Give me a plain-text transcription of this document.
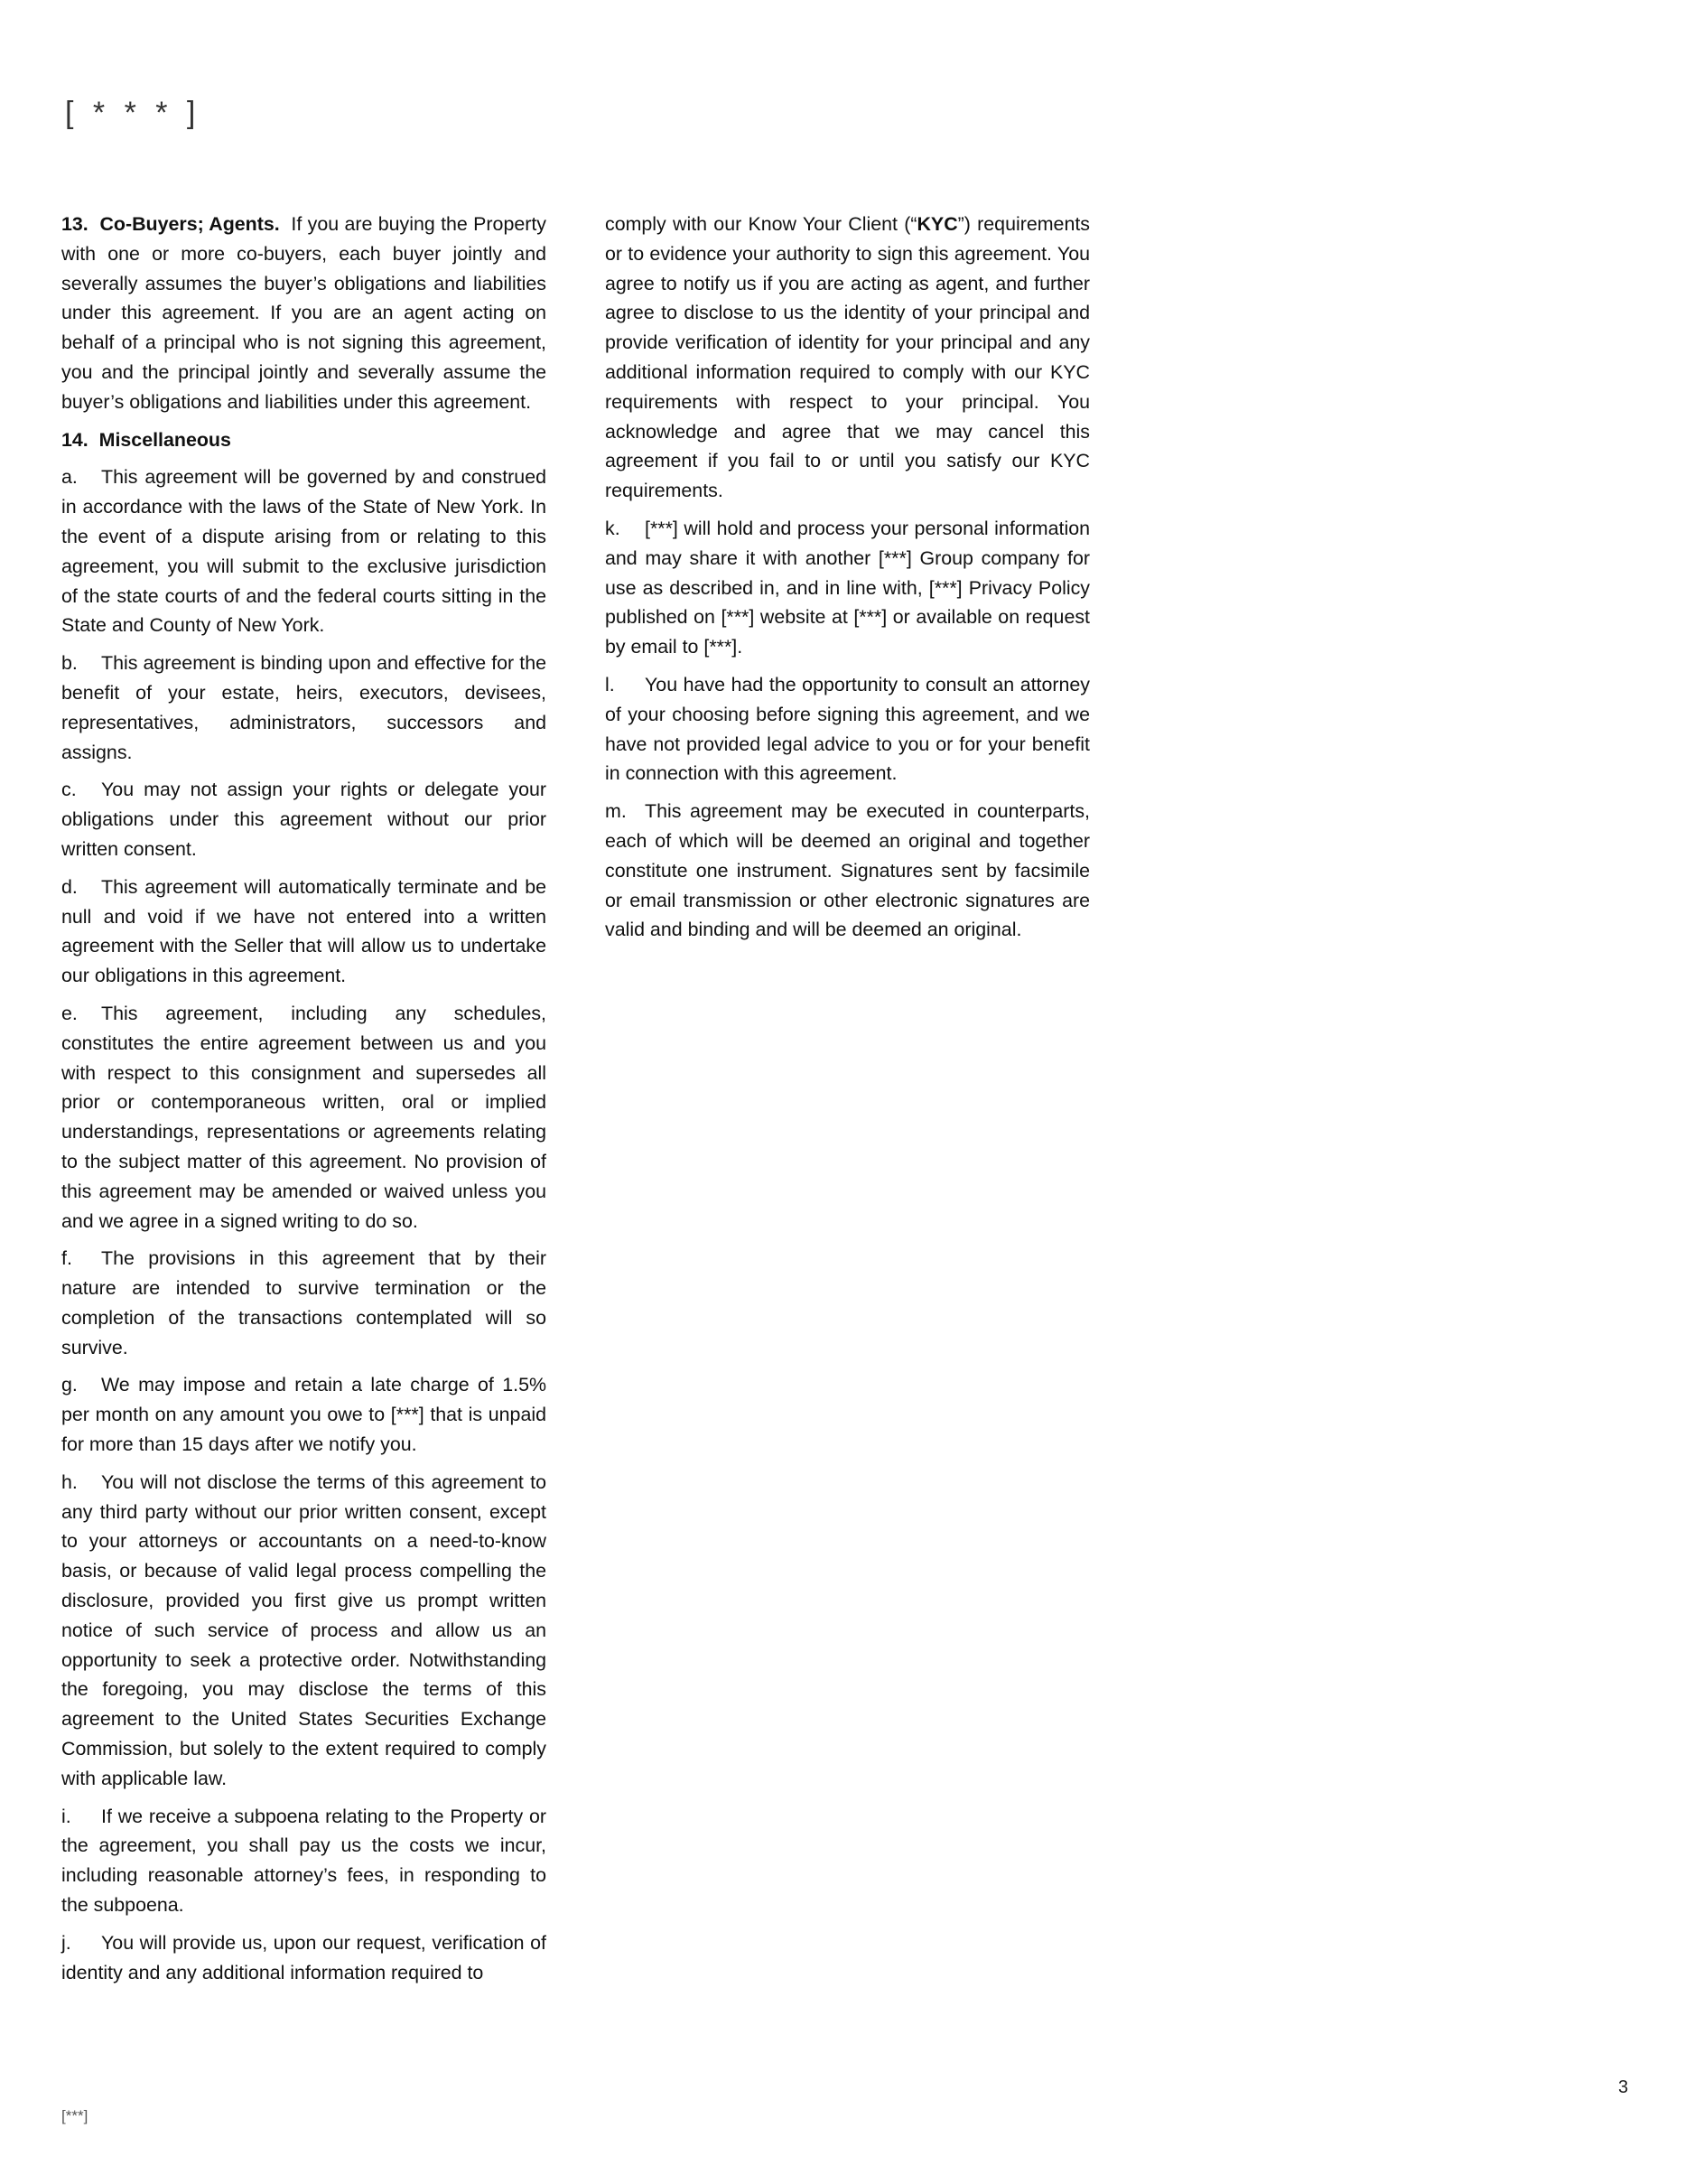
[ * * * ]

13. Co-Buyers; Agents. If you are buying the Property with one or more co-buyers, each buyer jointly and severally assumes the buyer’s obligations and liabilities under this agreement. If you are an agent acting on behalf of a principal who is not signing this agreement, you and the principal jointly and severally assume the buyer’s obligations and liabilities under this agreement.

14. Miscellaneous

a. This agreement will be governed by and construed in accordance with the laws of the State of New York. In the event of a dispute arising from or relating to this agreement, you will submit to the exclusive jurisdiction of the state courts of and the federal courts sitting in the State and County of New York.

b. This agreement is binding upon and effective for the benefit of your estate, heirs, executors, devisees, representatives, administrators, successors and assigns.

c. You may not assign your rights or delegate your obligations under this agreement without our prior written consent.

d. This agreement will automatically terminate and be null and void if we have not entered into a written agreement with the Seller that will allow us to undertake our obligations in this agreement.

e. This agreement, including any schedules, constitutes the entire agreement between us and you with respect to this consignment and supersedes all prior or contemporaneous written, oral or implied understandings, representations or agreements relating to the subject matter of this agreement. No provision of this agreement may be amended or waived unless you and we agree in a signed writing to do so.

f. The provisions in this agreement that by their nature are intended to survive termination or the completion of the transactions contemplated will so survive.

g. We may impose and retain a late charge of 1.5% per month on any amount you owe to [***] that is unpaid for more than 15 days after we notify you.

h. You will not disclose the terms of this agreement to any third party without our prior written consent, except to your attorneys or accountants on a need-to-know basis, or because of valid legal process compelling the disclosure, provided you first give us prompt written notice of such service of process and allow us an opportunity to seek a protective order. Notwithstanding the foregoing, you may disclose the terms of this agreement to the United States Securities Exchange Commission, but solely to the extent required to comply with applicable law.

i. If we receive a subpoena relating to the Property or the agreement, you shall pay us the costs we incur, including reasonable attorney’s fees, in responding to the subpoena.

j. You will provide us, upon our request, verification of identity and any additional information required to

comply with our Know Your Client (“KYC”) requirements or to evidence your authority to sign this agreement. You agree to notify us if you are acting as agent, and further agree to disclose to us the identity of your principal and provide verification of identity for your principal and any additional information required to comply with our KYC requirements with respect to your principal. You acknowledge and agree that we may cancel this agreement if you fail to or until you satisfy our KYC requirements.

k. [***] will hold and process your personal information and may share it with another [***] Group company for use as described in, and in line with, [***] Privacy Policy published on [***] website at [***] or available on request by email to [***].

l. You have had the opportunity to consult an attorney of your choosing before signing this agreement, and we have not provided legal advice to you or for your benefit in connection with this agreement.

m. This agreement may be executed in counterparts, each of which will be deemed an original and together constitute one instrument. Signatures sent by facsimile or email transmission or other electronic signatures are valid and binding and will be deemed an original.

[***]
3
